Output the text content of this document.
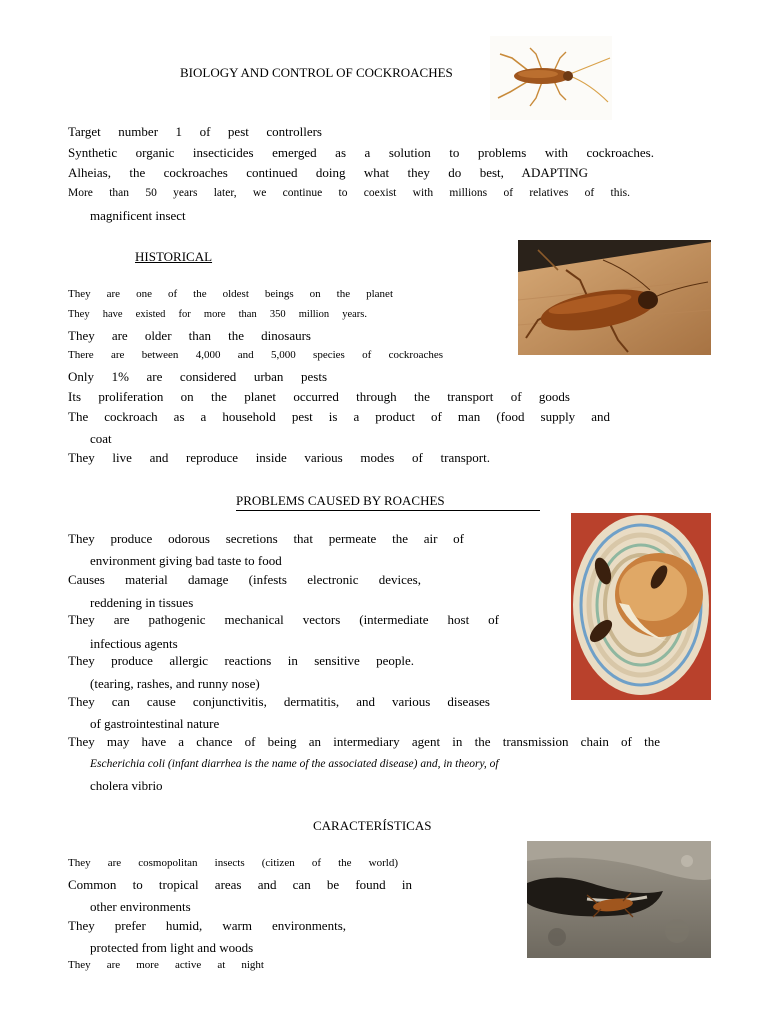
BIOLOGY AND CONTROL OF COCKROACHES
Target number 1 of pest controllers
Synthetic organic insecticides emerged as a solution to problems with cockroaches.
Alheias, the cockroaches continued doing what they do best, ADAPTING
More than 50 years later, we continue to coexist with millions of relatives of this.
magnificent insect
HISTORICAL
They are one of the oldest beings on the planet
They have existed for more than 350 million years.
They are older than the dinosaurs
There are between 4,000 and 5,000 species of cockroaches
Only 1% are considered urban pests
Its proliferation on the planet occurred through the transport of goods
The cockroach as a household pest is a product of man (food supply and
coat
They live and reproduce inside various modes of transport.
PROBLEMS CAUSED BY ROACHES
They produce odorous secretions that permeate the air of
environment giving bad taste to food
Causes material damage (infests electronic devices,
reddening in tissues
They are pathogenic mechanical vectors (intermediate host of
infectious agents
They produce allergic reactions in sensitive people.
(tearing, rashes, and runny nose)
They can cause conjunctivitis, dermatitis, and various diseases
of gastrointestinal nature
They may have a chance of being an intermediary agent in the transmission chain of the
Escherichia coli (infant diarrhea is the name of the associated disease) and, in theory, of
cholera vibrio
CARACTERÍSTICAS
They are cosmopolitan insects (citizen of the world)
Common to tropical areas and can be found in
other environments
They prefer humid, warm environments,
protected from light and woods
They are more active at night
